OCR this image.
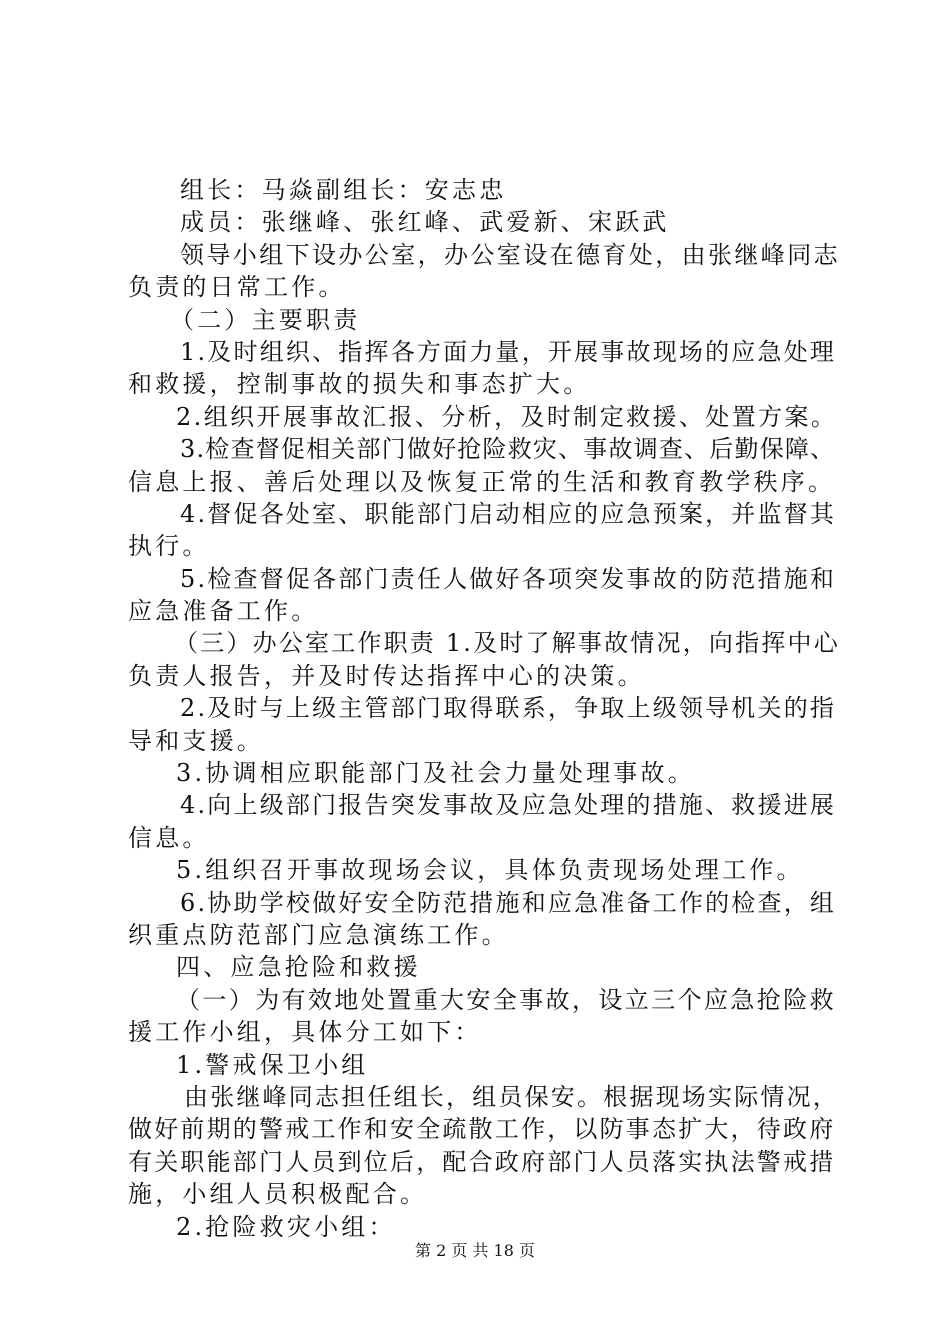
组长：马焱副组长：安志忠
成员：张继峰、张红峰、武爱新、宋跃武
领导小组下设办公室，办公室设在德育处，由张继峰同志
负责的日常工作。
（二）主要职责
1.及时组织、指挥各方面力量，开展事故现场的应急处理
和救援，控制事故的损失和事态扩大。
2.组织开展事故汇报、分析，及时制定救援、处置方案。
3.检查督促相关部门做好抢险救灾、事故调查、后勤保障、
信息上报、善后处理以及恢复正常的生活和教育教学秩序。
4.督促各处室、职能部门启动相应的应急预案，并监督其
执行。
5.检查督促各部门责任人做好各项突发事故的防范措施和
应急准备工作。
（三）办公室工作职责 1.及时了解事故情况，向指挥中心
负责人报告，并及时传达指挥中心的决策。
2.及时与上级主管部门取得联系，争取上级领导机关的指
导和支援。
3.协调相应职能部门及社会力量处理事故。
4.向上级部门报告突发事故及应急处理的措施、救援进展
信息。
5.组织召开事故现场会议，具体负责现场处理工作。
6.协助学校做好安全防范措施和应急准备工作的检查，组
织重点防范部门应急演练工作。
四、应急抢险和救援
（一）为有效地处置重大安全事故，设立三个应急抢险救
援工作小组，具体分工如下：
1.警戒保卫小组
由张继峰同志担任组长，组员保安。根据现场实际情况，
做好前期的警戒工作和安全疏散工作，以防事态扩大，待政府
有关职能部门人员到位后，配合政府部门人员落实执法警戒措
施，小组人员积极配合。
2.抢险救灾小组：
第 2 页 共 18 页
